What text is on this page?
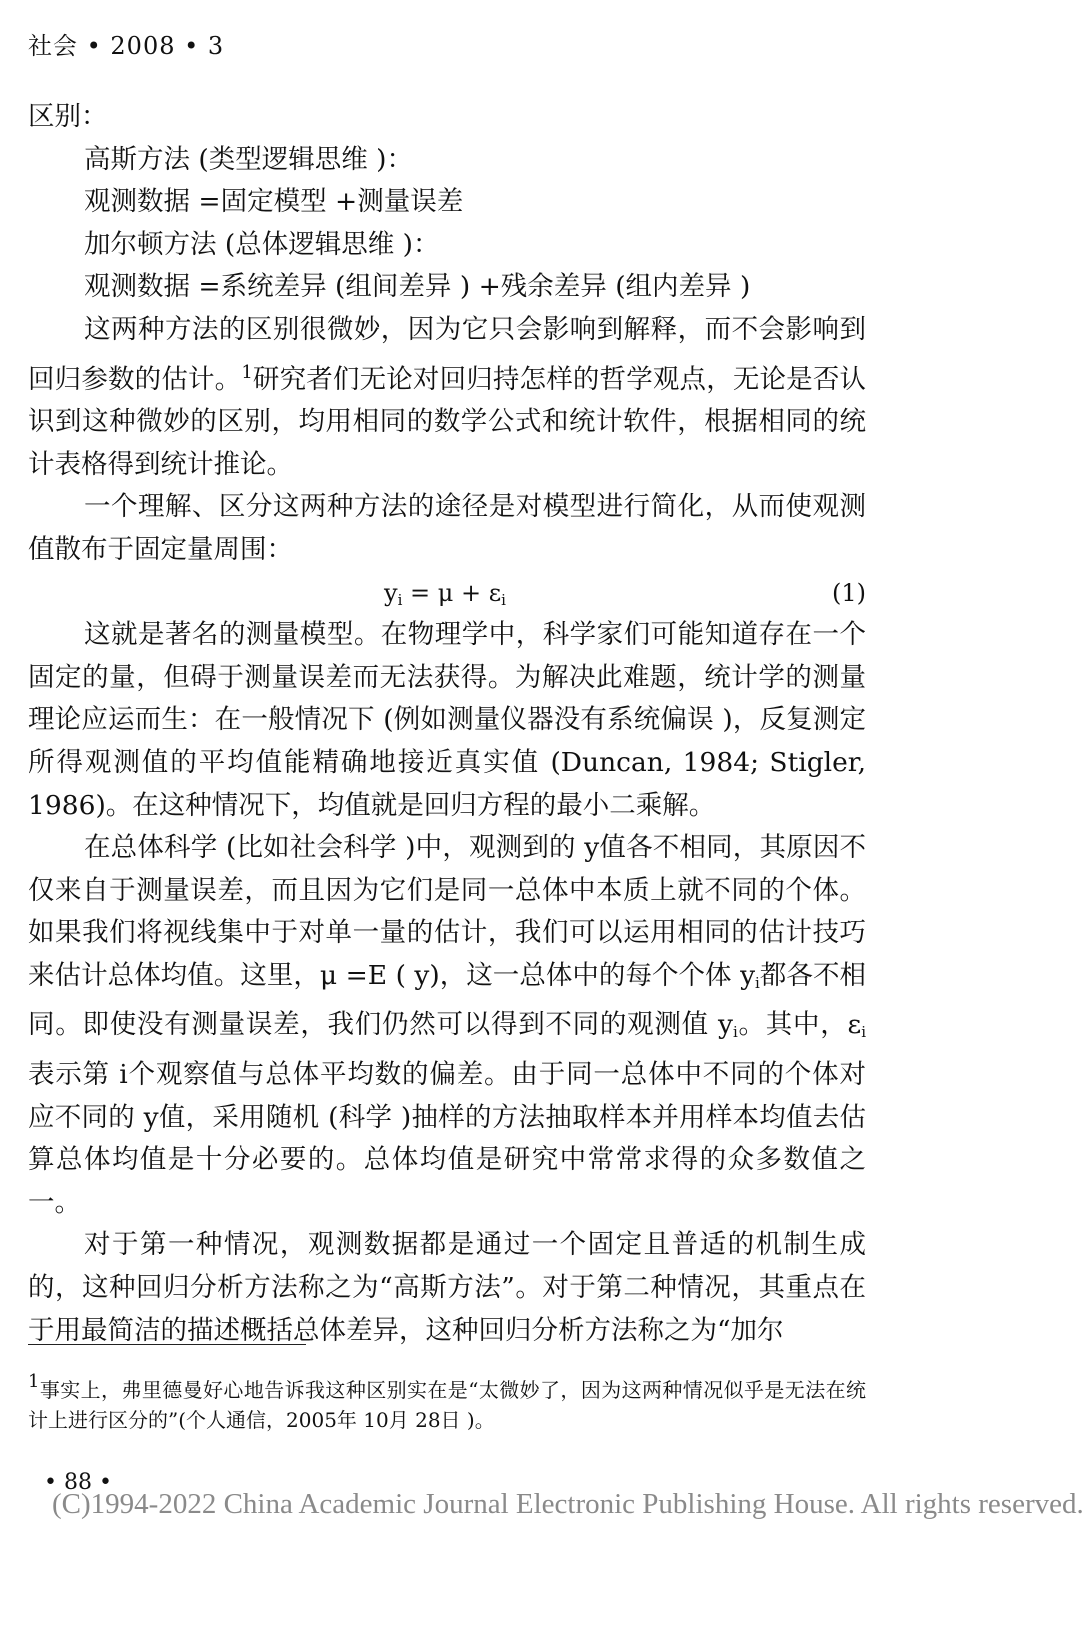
社会 • 2008 • 3

区别：

高斯方法 (类型逻辑思维 )：

观测数据 =固定模型 +测量误差

加尔顿方法 (总体逻辑思维 )：

观测数据 =系统差异 (组间差异 ) +残余差异 (组内差异 )

这两种方法的区别很微妙，因为它只会影响到解释，而不会影响到回归参数的估计。$^1$研究者们无论对回归持怎样的哲学观点，无论是否认识到这种微妙的区别，均用相同的数学公式和统计软件，根据相同的统计表格得到统计推论。

一个理解、区分这两种方法的途径是对模型进行简化，从而使观测值散布于固定量周围：

$y_i = \mu + \varepsilon_i$	(1)

这就是著名的测量模型。在物理学中，科学家们可能知道存在一个固定的量，但碍于测量误差而无法获得。为解决此难题，统计学的测量理论应运而生：在一般情况下 (例如测量仪器没有系统偏误 )，反复测定所得观测值的平均值能精确地接近真实值 (Duncan, 1984; Stigler, 1986)。在这种情况下，均值就是回归方程的最小二乘解。

在总体科学 (比如社会科学 )中，观测到的 y值各不相同，其原因不仅来自于测量误差，而且因为它们是同一总体中本质上就不同的个体。如果我们将视线集中于对单一量的估计，我们可以运用相同的估计技巧来估计总体均值。这里，μ =E ( y)，这一总体中的每个个体 $y_i$都各不相同。即使没有测量误差，我们仍然可以得到不同的观测值 $y_i$。其中，$\varepsilon_i$表示第 i个观察值与总体平均数的偏差。由于同一总体中不同的个体对应不同的 y值，采用随机 (科学 )抽样的方法抽取样本并用样本均值去估算总体均值是十分必要的。总体均值是研究中常常求得的众多数值之一。

对于第一种情况，观测数据都是通过一个固定且普适的机制生成的，这种回归分析方法称之为“高斯方法”。对于第二种情况，其重点在于用最简洁的描述概括总体差异，这种回归分析方法称之为“加尔

1事实上，弗里德曼好心地告诉我这种区别实在是“太微妙了，因为这两种情况似乎是无法在统计上进行区分的”(个人通信，2005年 10月 28日 )。

• 88 •
(C)1994-2022 China Academic Journal Electronic Publishing House. All rights reserved.
